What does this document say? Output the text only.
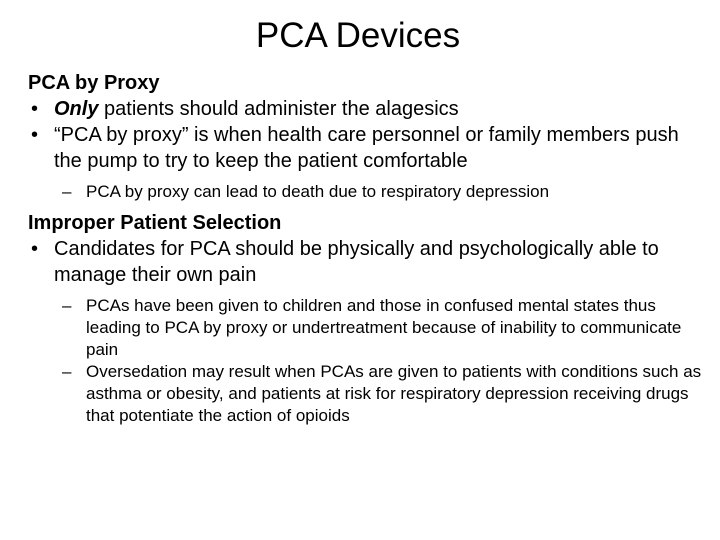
PCA Devices
PCA by Proxy
• Only patients should administer the alagesics
• “PCA by proxy” is when health care personnel or family members push the pump to try to keep the patient comfortable
– PCA by proxy can lead to death due to respiratory depression
Improper Patient Selection
• Candidates for PCA should be physically and psychologically able to manage their own pain
– PCAs have been given to children and those in confused mental states thus leading to PCA by proxy or undertreatment because of inability to communicate pain
– Oversedation may result when PCAs are given to patients with conditions such as asthma or obesity, and patients at risk for respiratory depression receiving drugs that potentiate the action of opioids
